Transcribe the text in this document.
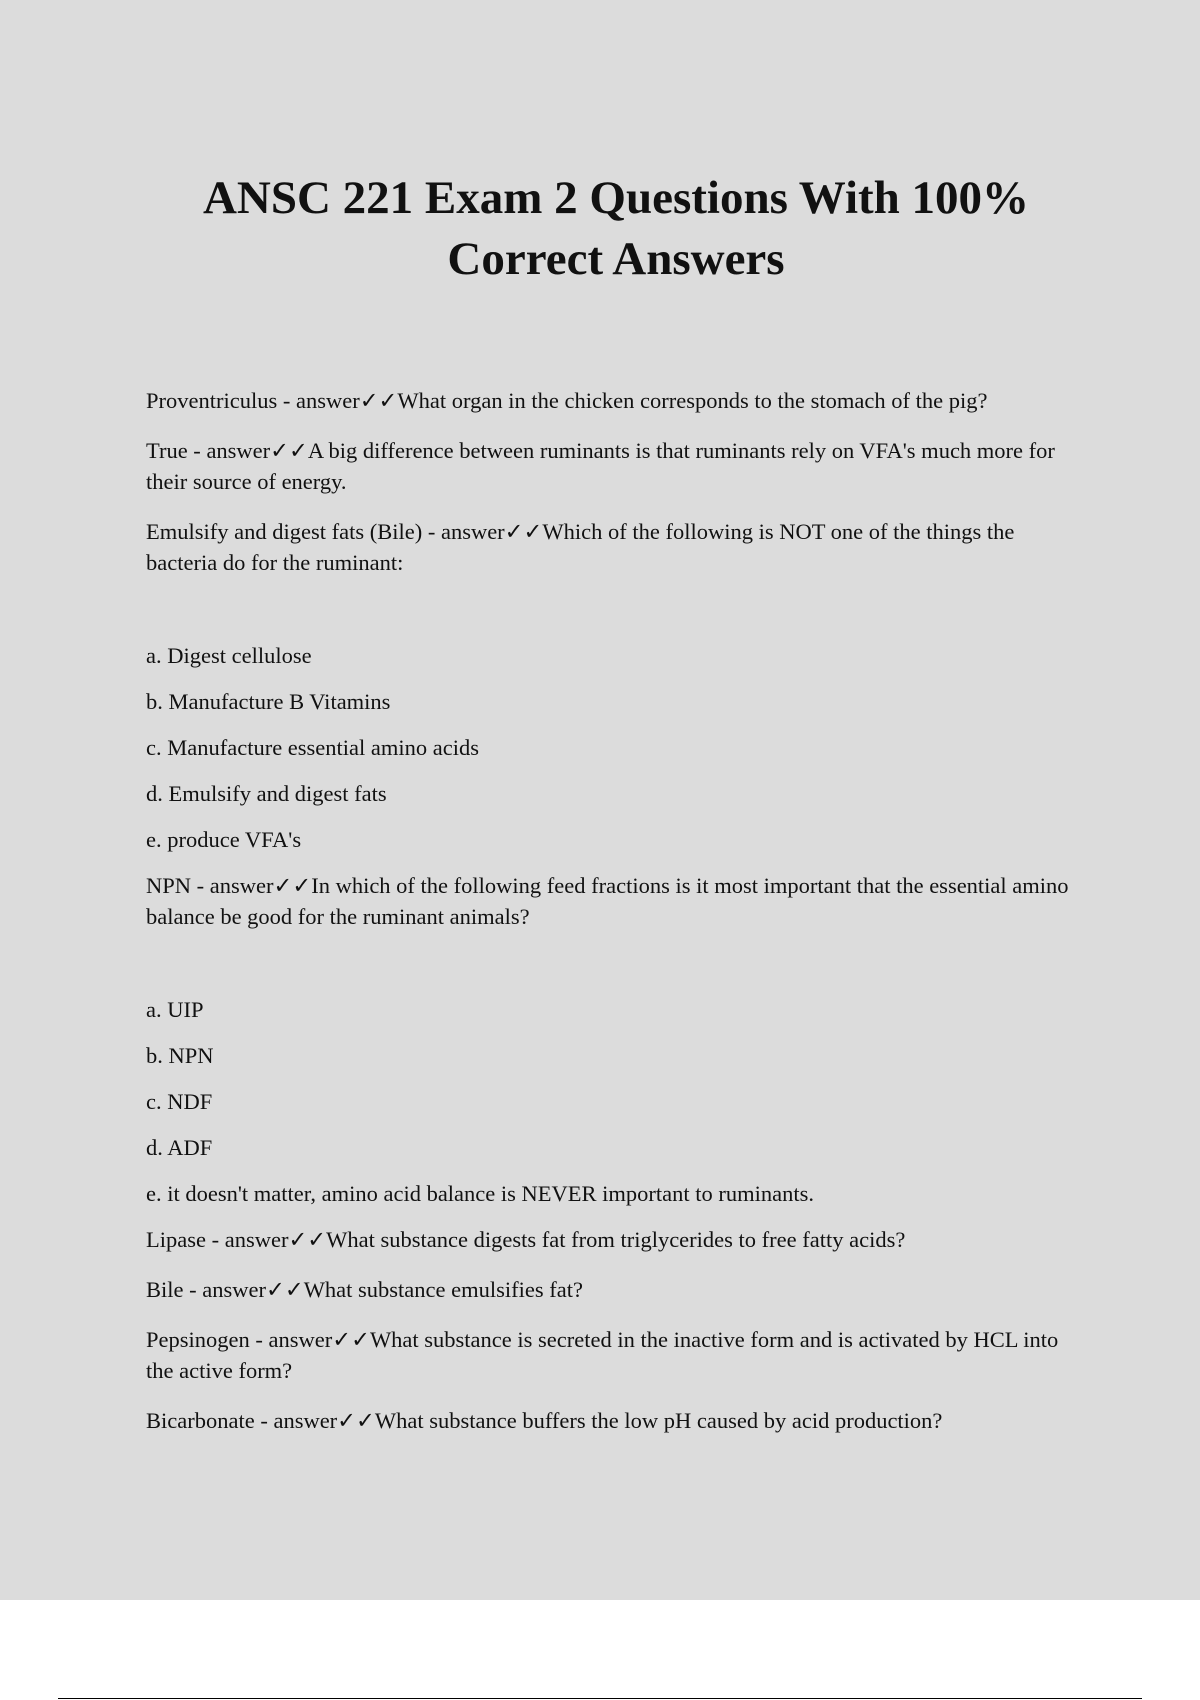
ANSC 221 Exam 2 Questions With 100%
Correct Answers

Proventriculus - answer✓✓What organ in the chicken corresponds to the stomach of the pig?

True - answer✓✓A big difference between ruminants is that ruminants rely on VFA's much more for their source of energy.

Emulsify and digest fats (Bile) - answer✓✓Which of the following is NOT one of the things the bacteria do for the ruminant:

a. Digest cellulose

b. Manufacture B Vitamins

c. Manufacture essential amino acids

d. Emulsify and digest fats

e. produce VFA's

NPN - answer✓✓In which of the following feed fractions is it most important that the essential amino balance be good for the ruminant animals?

a. UIP

b. NPN

c. NDF

d. ADF

e. it doesn't matter, amino acid balance is NEVER important to ruminants.

Lipase - answer✓✓What substance digests fat from triglycerides to free fatty acids?

Bile - answer✓✓What substance emulsifies fat?

Pepsinogen - answer✓✓What substance is secreted in the inactive form and is activated by HCL into the active form?

Bicarbonate - answer✓✓What substance buffers the low pH caused by acid production?
